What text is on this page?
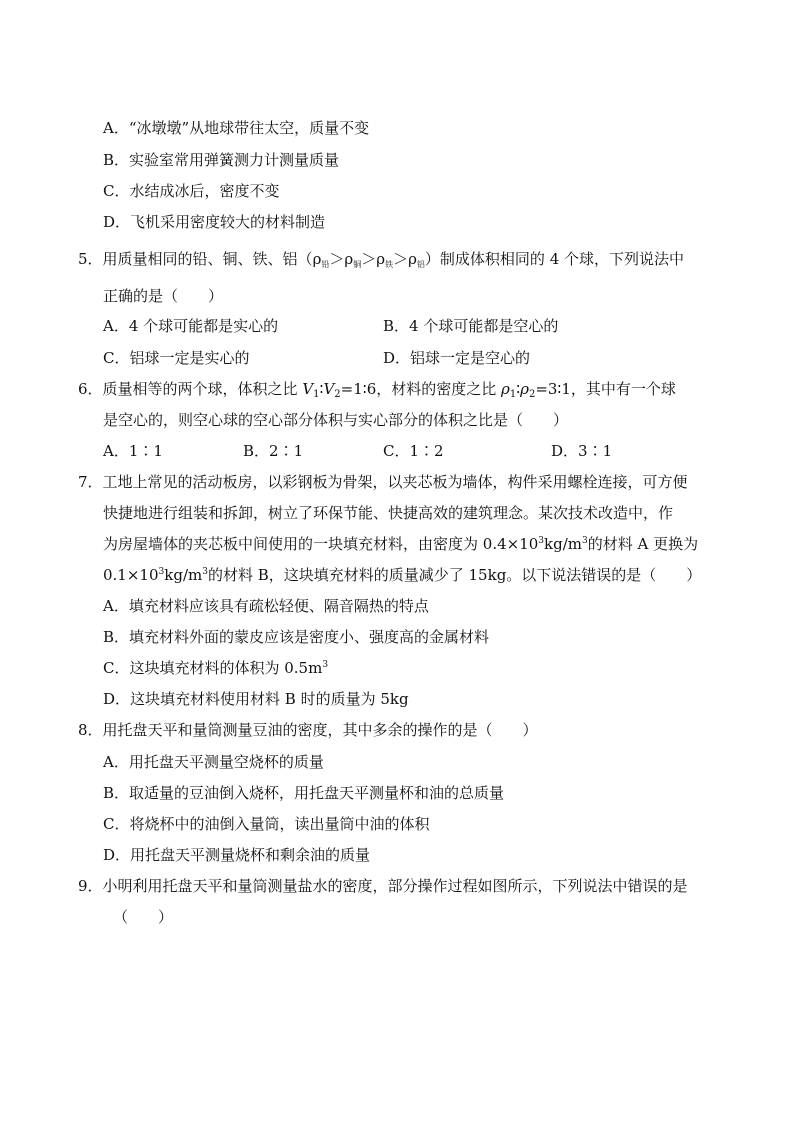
A．“冰墩墩”从地球带往太空，质量不变
B．实验室常用弹簧测力计测量质量
C．水结成冰后，密度不变
D．飞机采用密度较大的材料制造
5．用质量相同的铅、铜、铁、铝$(\rho_铅>\rho_铜>\rho_铁>\rho_铝)$制成体积相同的 4 个球，下列说法中
正确的是（　　）
A．4 个球可能都是实心的	B．4 个球可能都是空心的
C．铝球一定是实心的	D．铝球一定是空心的
6．质量相等的两个球，体积之比 $V_1∶V_2=1∶6$，材料的密度之比 $\rho_1∶\rho_2=3∶1$，其中有一个球
是空心的，则空心球的空心部分体积与实心部分的体积之比是（　　）
A．1∶1	B．2∶1	C．1∶2	D．3∶1
7．工地上常见的活动板房，以彩钢板为骨架，以夹芯板为墙体，构件采用螺栓连接，可方便
快捷地进行组装和拆卸，树立了环保节能、快捷高效的建筑理念。某次技术改造中，作
为房屋墙体的夹芯板中间使用的一块填充材料，由密度为 $0.4\times 10^3kg/m^3$的材料 A 更换为
$0.1\times 10^3kg/m^3$的材料 B，这块填充材料的质量减少了 15kg。以下说法错误的是（　　）
A．填充材料应该具有疏松轻便、隔音隔热的特点
B．填充材料外面的蒙皮应该是密度小、强度高的金属材料
C．这块填充材料的体积为 $0.5m^3$
D．这块填充材料使用材料 B 时的质量为 5kg
8．用托盘天平和量筒测量豆油的密度，其中多余的操作的是（　　）
A．用托盘天平测量空烧杯的质量
B．取适量的豆油倒入烧杯，用托盘天平测量杯和油的总质量
C．将烧杯中的油倒入量筒，读出量筒中油的体积
D．用托盘天平测量烧杯和剩余油的质量
9．小明利用托盘天平和量筒测量盐水的密度，部分操作过程如图所示，下列说法中错误的是
（　　）
